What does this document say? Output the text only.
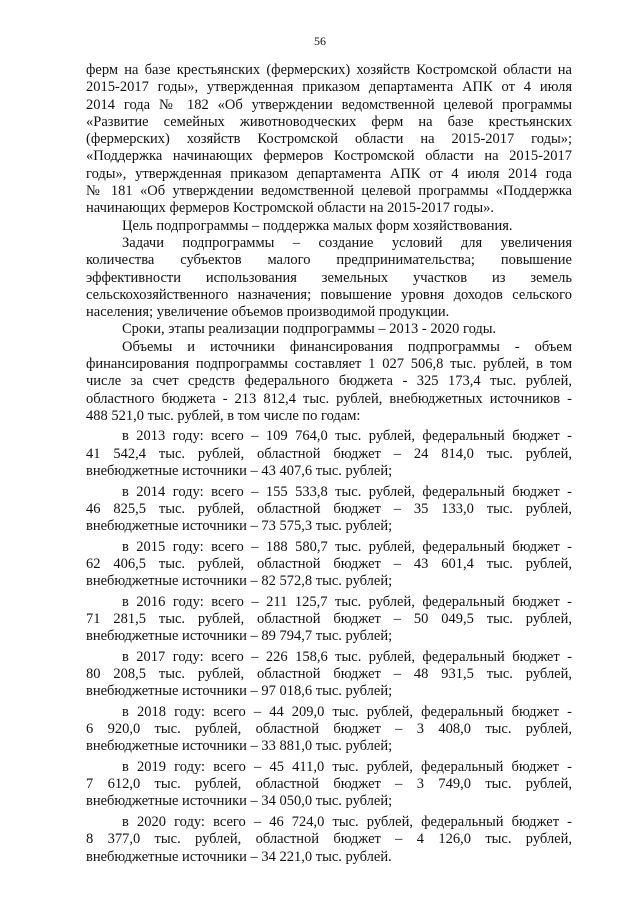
56

ферм на базе крестьянских (фермерских) хозяйств Костромской области на
2015-2017 годы», утвержденная приказом департамента АПК от 4 июля
2014 года № 182 «Об утверждении ведомственной целевой программы
«Развитие семейных животноводческих ферм на базе крестьянских
(фермерских) хозяйств Костромской области на 2015-2017 годы»;
«Поддержка начинающих фермеров Костромской области на 2015-2017
годы», утвержденная приказом департамента АПК от 4 июля 2014 года
№ 181 «Об утверждении ведомственной целевой программы «Поддержка
начинающих фермеров Костромской области на 2015-2017 годы».

Цель подпрограммы – поддержка малых форм хозяйствования.

Задачи подпрограммы – создание условий для увеличения
количества субъектов малого предпринимательства; повышение
эффективности использования земельных участков из земель
сельскохозяйственного назначения; повышение уровня доходов сельского
населения; увеличение объемов производимой продукции.

Сроки, этапы реализации подпрограммы – 2013 - 2020 годы.

Объемы и источники финансирования подпрограммы - объем
финансирования подпрограммы составляет 1 027 506,8 тыс. рублей, в том
числе за счет средств федерального бюджета - 325 173,4 тыс. рублей,
областного бюджета - 213 812,4 тыс. рублей, внебюджетных источников -
488 521,0 тыс. рублей, в том числе по годам:

в 2013 году: всего – 109 764,0 тыс. рублей, федеральный бюджет -
41 542,4 тыс. рублей, областной бюджет – 24 814,0 тыс. рублей,
внебюджетные источники – 43 407,6 тыс. рублей;

в 2014 году: всего – 155 533,8 тыс. рублей, федеральный бюджет -
46 825,5 тыс. рублей, областной бюджет – 35 133,0 тыс. рублей,
внебюджетные источники – 73 575,3 тыс. рублей;

в 2015 году: всего – 188 580,7 тыс. рублей, федеральный бюджет -
62 406,5 тыс. рублей, областной бюджет – 43 601,4 тыс. рублей,
внебюджетные источники – 82 572,8 тыс. рублей;

в 2016 году: всего – 211 125,7 тыс. рублей, федеральный бюджет -
71 281,5 тыс. рублей, областной бюджет – 50 049,5 тыс. рублей,
внебюджетные источники – 89 794,7 тыс. рублей;

в 2017 году: всего – 226 158,6 тыс. рублей, федеральный бюджет -
80 208,5 тыс. рублей, областной бюджет – 48 931,5 тыс. рублей,
внебюджетные источники – 97 018,6 тыс. рублей;

в 2018 году: всего – 44 209,0 тыс. рублей, федеральный бюджет -
6 920,0 тыс. рублей, областной бюджет – 3 408,0 тыс. рублей,
внебюджетные источники – 33 881,0 тыс. рублей;

в 2019 году: всего – 45 411,0 тыс. рублей, федеральный бюджет -
7 612,0 тыс. рублей, областной бюджет – 3 749,0 тыс. рублей,
внебюджетные источники – 34 050,0 тыс. рублей;

в 2020 году: всего – 46 724,0 тыс. рублей, федеральный бюджет -
8 377,0 тыс. рублей, областной бюджет – 4 126,0 тыс. рублей,
внебюджетные источники – 34 221,0 тыс. рублей.
